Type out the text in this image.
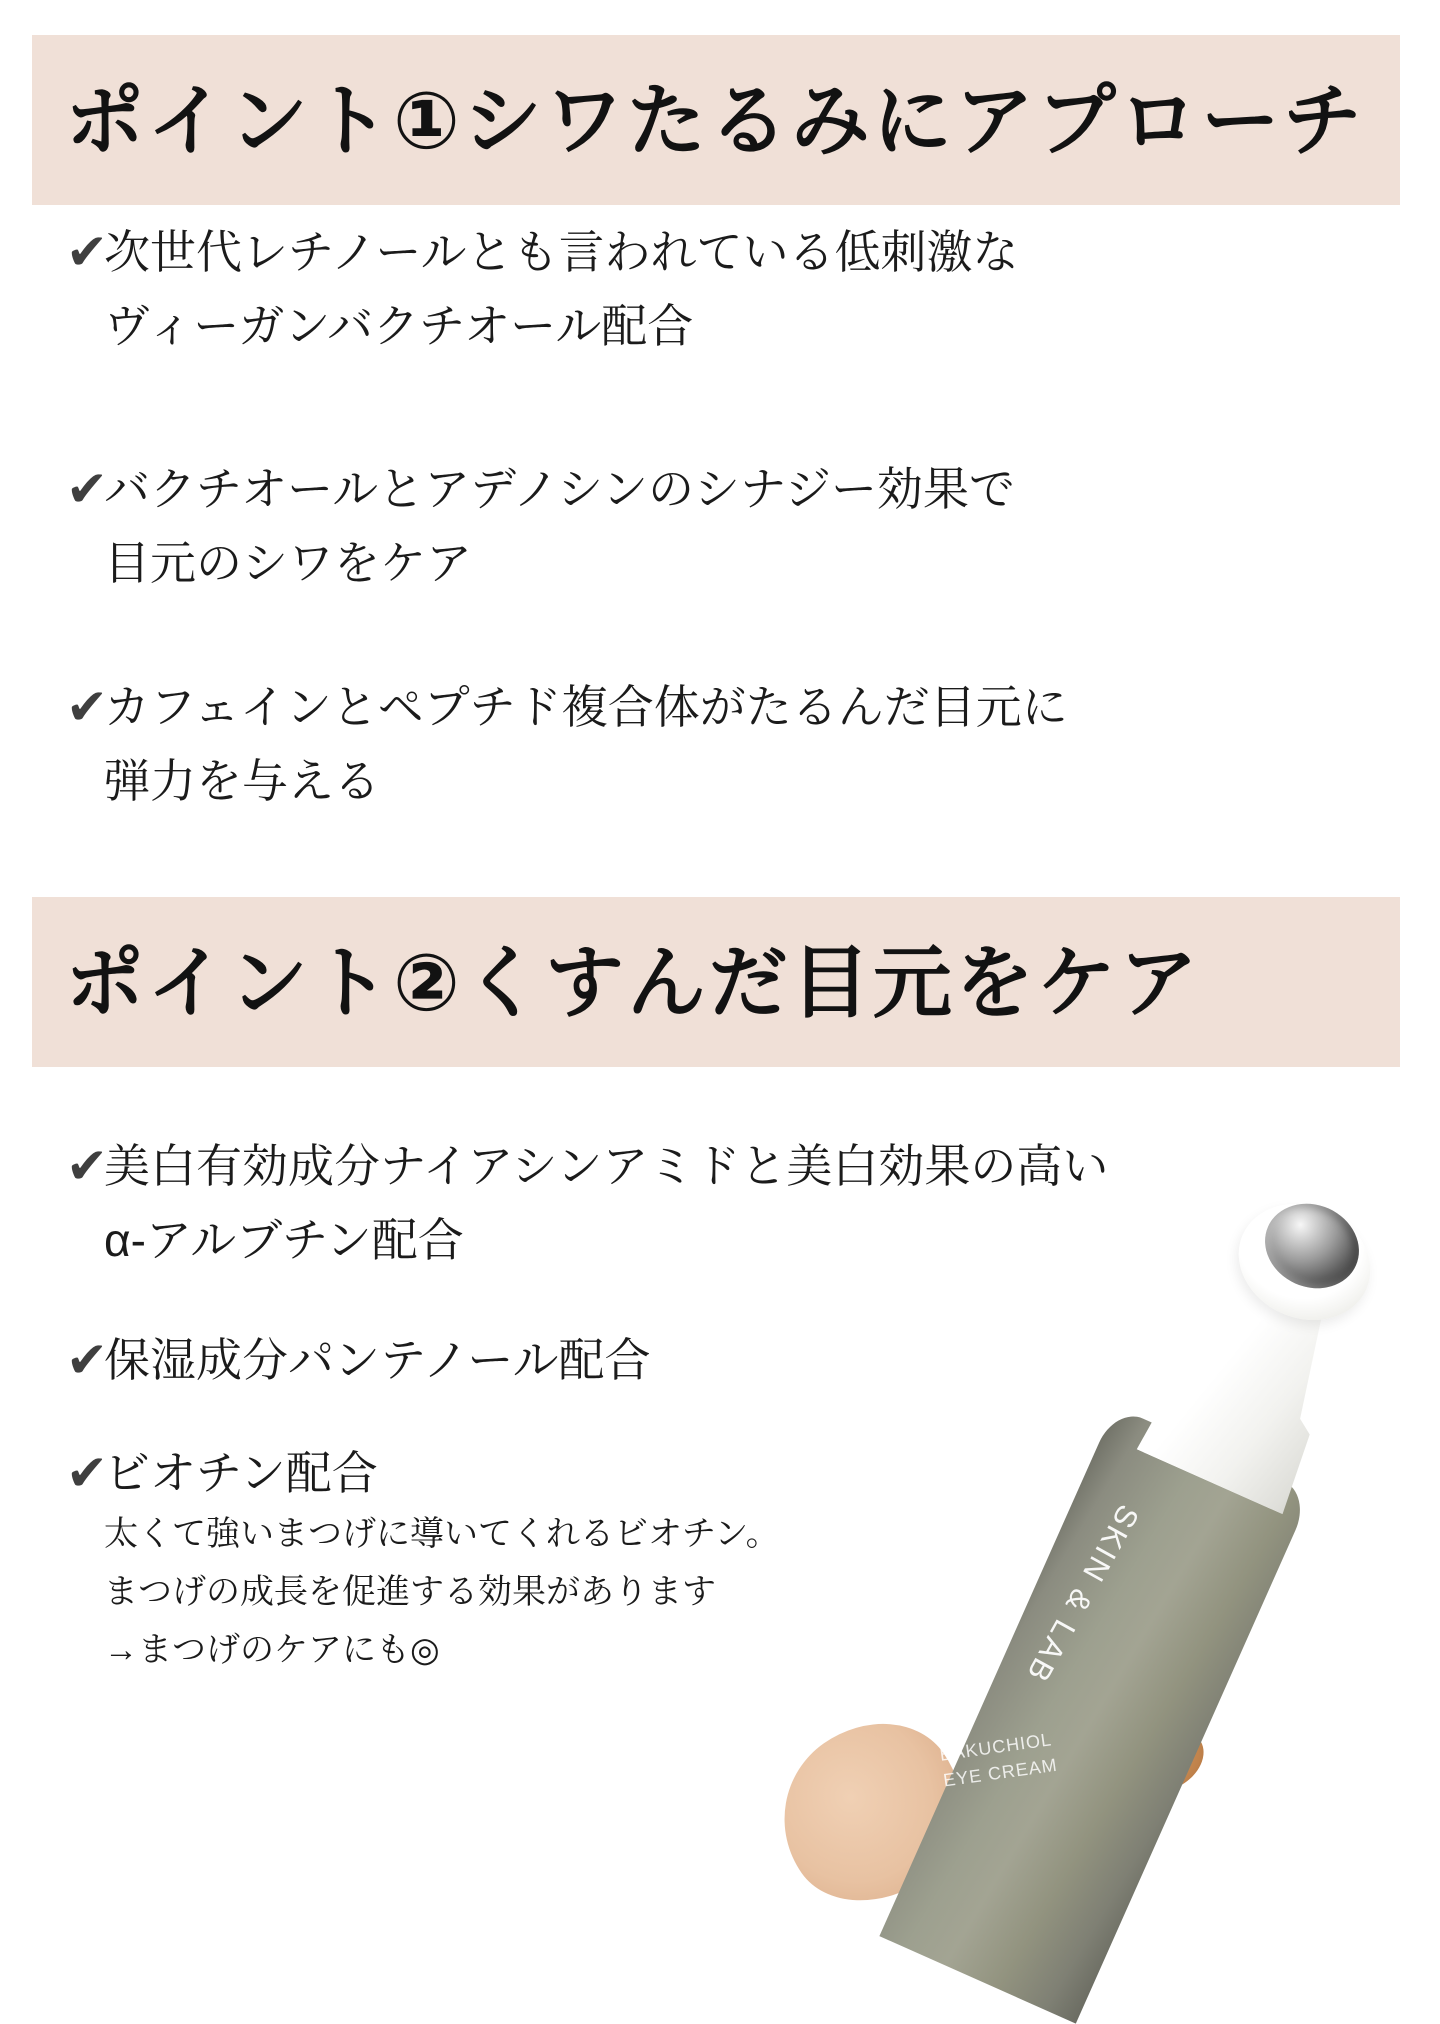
ポイント①シワたるみにアプローチ
✔
次世代レチノールとも言われている低刺激な
ヴィーガンバクチオール配合
✔
バクチオールとアデノシンのシナジー効果で
目元のシワをケア
✔
カフェインとペプチド複合体がたるんだ目元に
弾力を与える
ポイント②くすんだ目元をケア
✔
美白有効成分ナイアシンアミドと美白効果の高い
α-アルブチン配合
✔
保湿成分パンテノール配合
✔
ビオチン配合
太くて強いまつげに導いてくれるビオチン。
まつげの成長を促進する効果があります
→まつげのケアにも◎	SKIN & LAB
BAKUCHIOL
EYE CREAM
